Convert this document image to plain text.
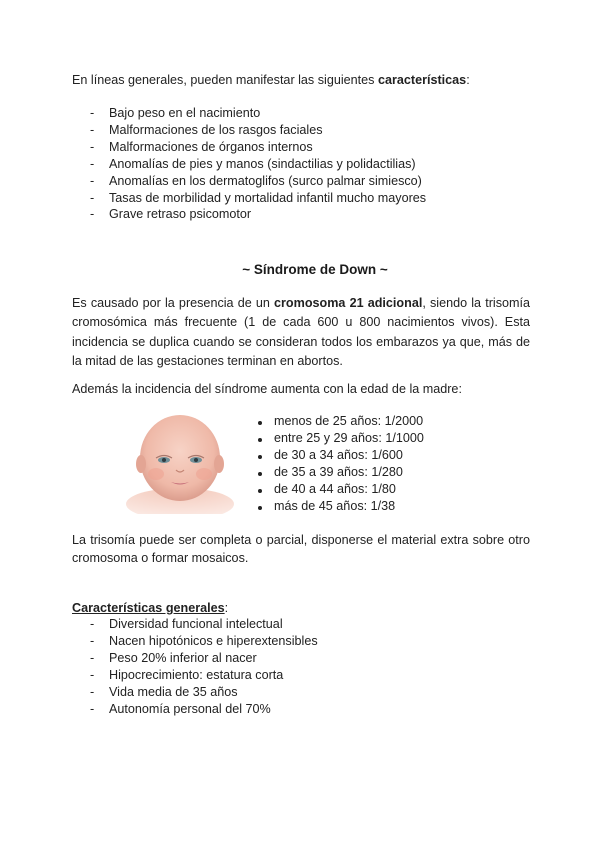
En líneas generales, pueden manifestar las siguientes características:

- Bajo peso en el nacimiento
- Malformaciones de los rasgos faciales
- Malformaciones de órganos internos
- Anomalías de pies y manos (sindactilias y polidactilias)
- Anomalías en los dermatoglifos (surco palmar simiesco)
- Tasas de morbilidad y mortalidad infantil mucho mayores
- Grave retraso psicomotor
~ Síndrome de Down ~

Es causado por la presencia de un cromosoma 21 adicional, siendo la trisomía cromosómica más frecuente (1 de cada 600 u 800 nacimientos vivos). Esta incidencia se duplica cuando se consideran todos los embarazos ya que, más de la mitad de las gestaciones terminan en abortos.

Además la incidencia del síndrome aumenta con la edad de la madre:

menos de 25 años: 1/2000
entre 25 y 29 años: 1/1000
de 30 a 34 años: 1/600
de 35 a 39 años: 1/280
de 40 a 44 años: 1/80
más de 45 años: 1/38

La trisomía puede ser completa o parcial, disponerse el material extra sobre otro cromosoma o formar mosaicos.

Características generales:

- Diversidad funcional intelectual
- Nacen hipotónicos e hiperextensibles
- Peso 20% inferior al nacer
- Hipocrecimiento: estatura corta
- Vida media de 35 años
- Autonomía personal del 70%
